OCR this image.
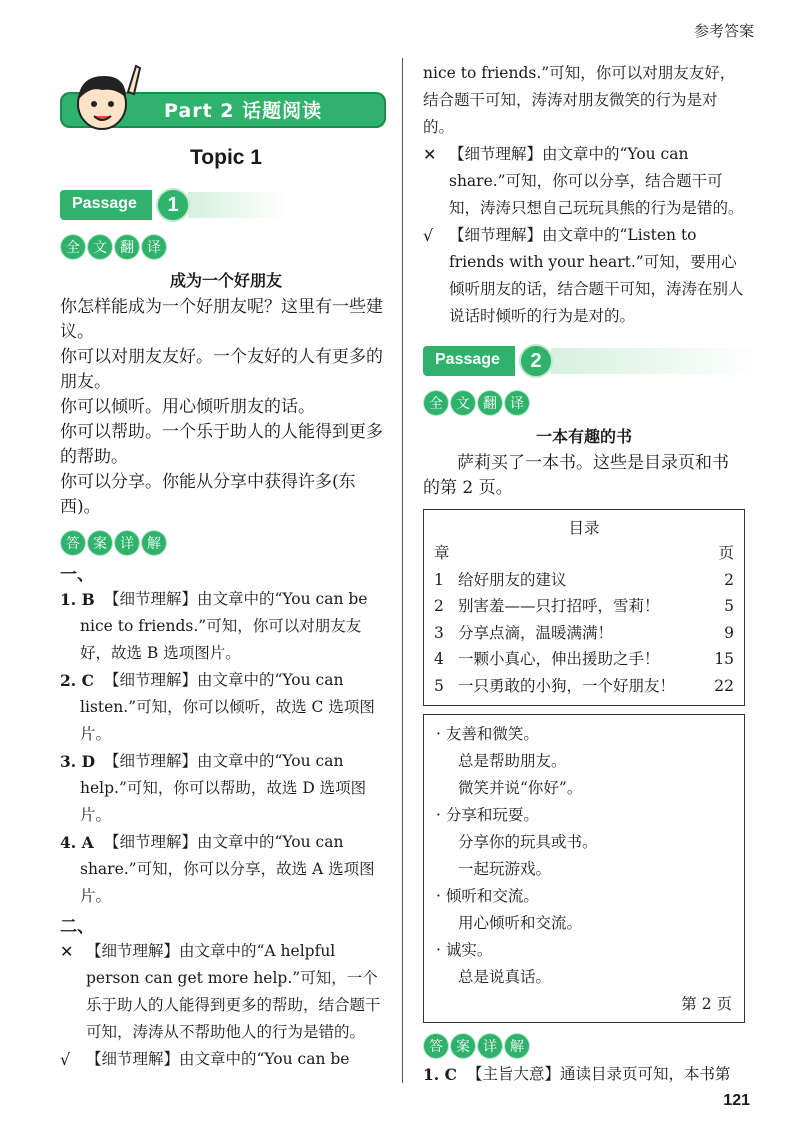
参考答案
Part 2 话题阅读
Topic 1
Passage	1
全 文 翻 译
成为一个好朋友
你怎样能成为一个好朋友呢？这里有一些建议。
你可以对朋友友好。一个友好的人有更多的朋友。
你可以倾听。用心倾听朋友的话。
你可以帮助。一个乐于助人的人能得到更多的帮助。
你可以分享。你能从分享中获得许多(东西)。
答 案 详 解
一、
1. B 【细节理解】由文章中的“You can be nice to friends.”可知，你可以对朋友友好，故选 B 选项图片。
2. C 【细节理解】由文章中的“You can listen.”可知，你可以倾听，故选 C 选项图片。
3. D 【细节理解】由文章中的“You can help.”可知，你可以帮助，故选 D 选项图片。
4. A 【细节理解】由文章中的“You can share.”可知，你可以分享，故选 A 选项图片。
二、
✕ 【细节理解】由文章中的“A helpful person can get more help.”可知，一个乐于助人的人能得到更多的帮助，结合题干可知，涛涛从不帮助他人的行为是错的。
√ 【细节理解】由文章中的“You can be
nice to friends.”可知，你可以对朋友友好，结合题干可知，涛涛对朋友微笑的行为是对的。
✕ 【细节理解】由文章中的“You can share.”可知，你可以分享，结合题干可知，涛涛只想自己玩玩具熊的行为是错的。
√ 【细节理解】由文章中的“Listen to friends with your heart.”可知，要用心倾听朋友的话，结合题干可知，涛涛在别人说话时倾听的行为是对的。
Passage	2
全 文 翻 译
一本有趣的书
萨莉买了一本书。这些是目录页和书的第 2 页。
目录
章	页
1 给好朋友的建议	2
2 别害羞——只打招呼，雪莉！	5
3 分享点滴，温暖满满！	9
4 一颗小真心，伸出援助之手！	15
5 一只勇敢的小狗，一个好朋友！	22
· 友善和微笑。
总是帮助朋友。
微笑并说“你好”。
· 分享和玩耍。
分享你的玩具或书。
一起玩游戏。
· 倾听和交流。
用心倾听和交流。
· 诚实。
总是说真话。
第 2 页
答 案 详 解
1. C 【主旨大意】通读目录页可知，本书第
121
